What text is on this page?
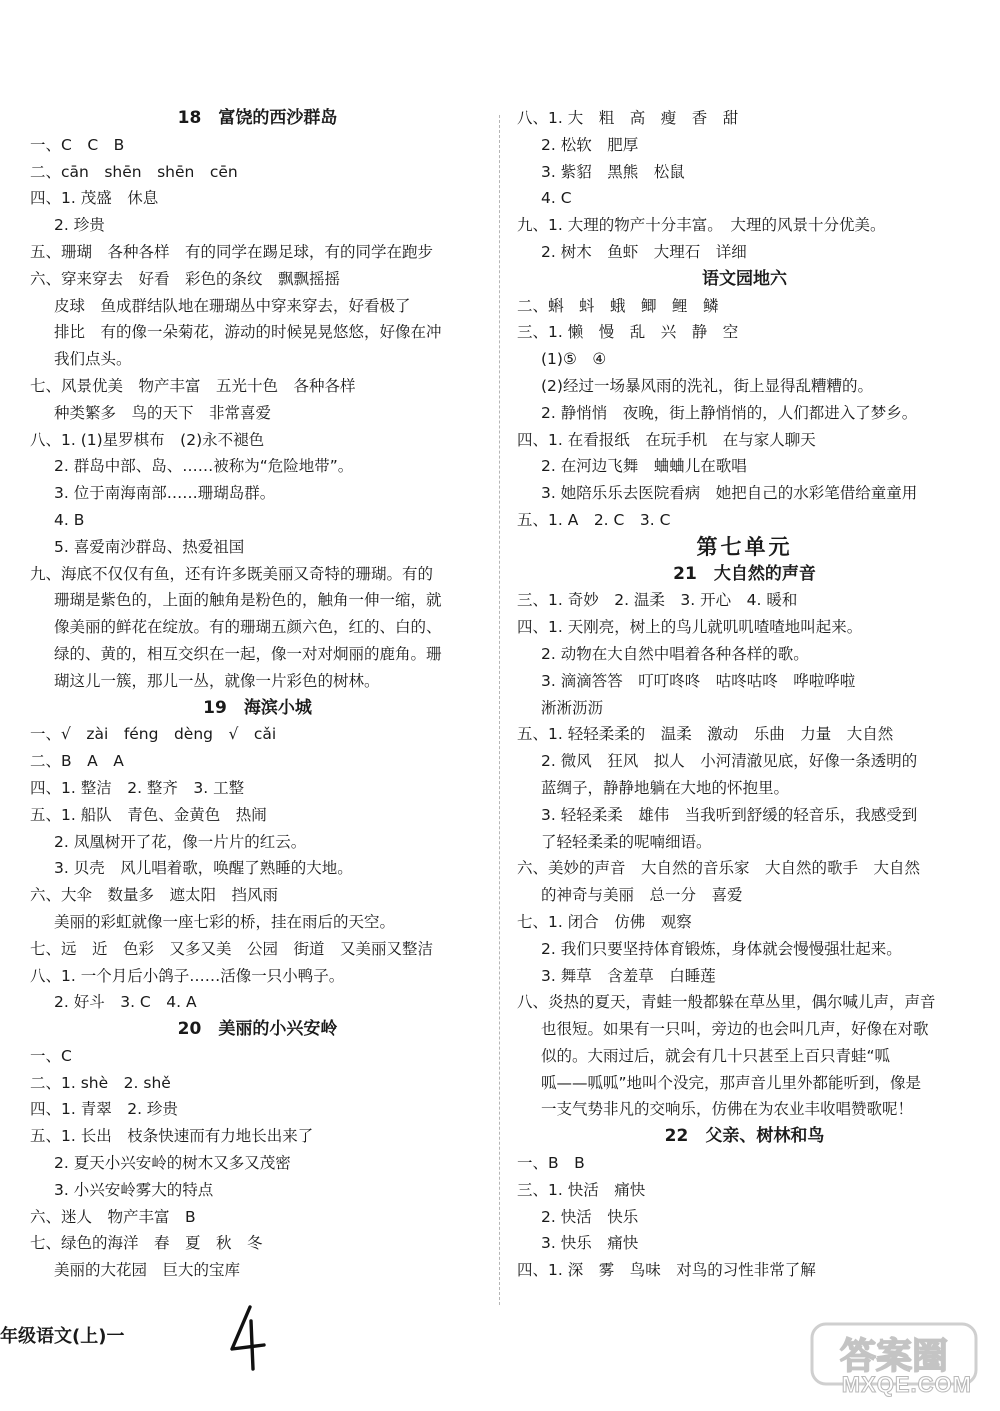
18　富饶的西沙群岛
一、C　C　B
二、cān　shēn　shēn　cēn
四、1. 茂盛　休息
2. 珍贵
五、珊瑚　各种各样　有的同学在踢足球，有的同学在跑步
六、穿来穿去　好看　彩色的条纹　飘飘摇摇
皮球　鱼成群结队地在珊瑚丛中穿来穿去，好看极了
排比　有的像一朵菊花，游动的时候晃晃悠悠，好像在冲
我们点头。
七、风景优美　物产丰富　五光十色　各种各样
种类繁多　鸟的天下　非常喜爱
八、1. (1)星罗棋布　(2)永不褪色
2. 群岛中部、岛、……被称为“危险地带”。
3. 位于南海南部……珊瑚岛群。
4. B
5. 喜爱南沙群岛、热爱祖国
九、海底不仅仅有鱼，还有许多既美丽又奇特的珊瑚。有的
珊瑚是紫色的，上面的触角是粉色的，触角一伸一缩，就
像美丽的鲜花在绽放。有的珊瑚五颜六色，红的、白的、
绿的、黄的，相互交织在一起，像一对对炯丽的鹿角。珊
瑚这儿一簇，那儿一丛，就像一片彩色的树林。
19　海滨小城
一、√　zài　féng　dèng　√　cǎi
二、B　A　A
四、1. 整洁　2. 整齐　3. 工整
五、1. 船队　青色、金黄色　热闹
2. 凤凰树开了花，像一片片的红云。
3. 贝壳　风儿唱着歌，唤醒了熟睡的大地。
六、大伞　数量多　遮太阳　挡风雨
美丽的彩虹就像一座七彩的桥，挂在雨后的天空。
七、远　近　色彩　又多又美　公园　街道　又美丽又整洁
八、1. 一个月后小鸽子……活像一只小鸭子。
2. 好斗　3. C　4. A
20　美丽的小兴安岭
一、C
二、1. shè　2. shě
四、1. 青翠　2. 珍贵
五、1. 长出　枝条快速而有力地长出来了
2. 夏天小兴安岭的树木又多又茂密
3. 小兴安岭雾大的特点
六、迷人　物产丰富　B
七、绿色的海洋　春　夏　秋　冬
美丽的大花园　巨大的宝库
八、1. 大　粗　高　瘦　香　甜
2. 松软　肥厚
3. 紫貂　黑熊　松鼠
4. C
九、1. 大理的物产十分丰富。　大理的风景十分优美。
2. 树木　鱼虾　大理石　详细
语文园地六
二、蝌　蚪　蛾　鲫　鲤　鳞
三、1. 懒　慢　乱　兴　静　空
(1)⑤　④
(2)经过一场暴风雨的洗礼，街上显得乱糟糟的。
2. 静悄悄　夜晚，街上静悄悄的，人们都进入了梦乡。
四、1. 在看报纸　在玩手机　在与家人聊天
2. 在河边飞舞　蛐蛐儿在歌唱
3. 她陪乐乐去医院看病　她把自己的水彩笔借给童童用
五、1. A　2. C　3. C
第七单元
21　大自然的声音
三、1. 奇妙　2. 温柔　3. 开心　4. 暖和
四、1. 天刚亮，树上的鸟儿就叽叽喳喳地叫起来。
2. 动物在大自然中唱着各种各样的歌。
3. 滴滴答答　叮叮咚咚　咕咚咕咚　哗啦哗啦
淅淅沥沥
五、1. 轻轻柔柔的　温柔　激动　乐曲　力量　大自然
2. 微风　狂风　拟人　小河清澈见底，好像一条透明的
蓝绸子，静静地躺在大地的怀抱里。
3. 轻轻柔柔　雄伟　当我听到舒缓的轻音乐，我感受到
了轻轻柔柔的呢喃细语。
六、美妙的声音　大自然的音乐家　大自然的歌手　大自然
的神奇与美丽　总一分　喜爱
七、1. 闭合　仿佛　观察
2. 我们只要坚持体育锻炼，身体就会慢慢强壮起来。
3. 舞草　含羞草　白睡莲
八、炎热的夏天，青蛙一般都躲在草丛里，偶尔喊儿声，声音
也很短。如果有一只叫，旁边的也会叫几声，好像在对歌
似的。大雨过后，就会有几十只甚至上百只青蛙“呱
呱——呱呱”地叫个没完，那声音儿里外都能听到，像是
一支气势非凡的交响乐，仿佛在为农业丰收唱赞歌呢！
22　父亲、树林和鸟
一、B　B
三、1. 快活　痛快
2. 快活　快乐
3. 快乐　痛快
四、1. 深　雾　鸟味　对鸟的习性非常了解
年级语文(上)一	答案圈
MXQE.COM
